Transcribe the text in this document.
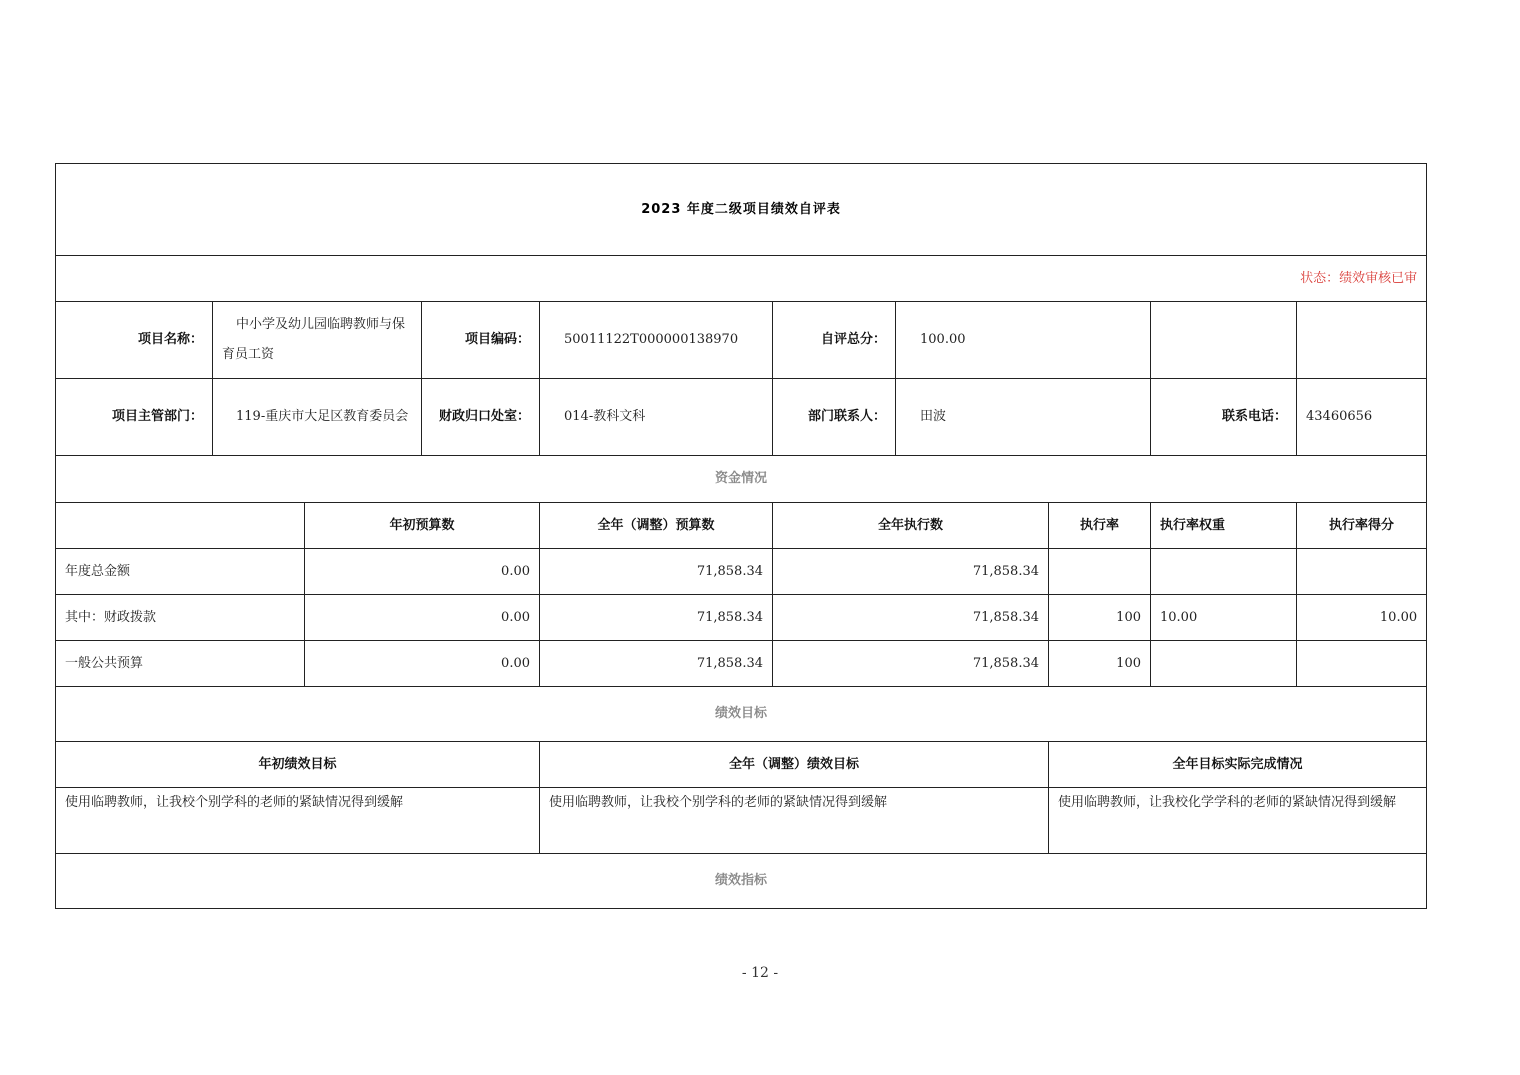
2023 年度二级项目绩效自评表									
状态：绩效审核已审									
项目名称：	中小学及幼儿园临聘教师与保育员工资		项目编码：	50011122T000000138970	自评总分：	100.00			
项目主管部门：	119-重庆市大足区教育委员会		财政归口处室：	014-教科文科	部门联系人：	田波		联系电话：	43460656
资金情况									
		年初预算数		全年（调整）预算数	全年执行数		执行率	执行率权重	执行率得分
年度总金额		0.00		71,858.34	71,858.34				
其中：财政拨款		0.00		71,858.34	71,858.34		100	10.00	10.00
一般公共预算		0.00		71,858.34	71,858.34		100		
绩效目标									
年初绩效目标				全年（调整）绩效目标			全年目标实际完成情况		
使用临聘教师，让我校个别学科的老师的紧缺情况得到缓解				使用临聘教师，让我校个别学科的老师的紧缺情况得到缓解			使用临聘教师，让我校化学学科的老师的紧缺情况得到缓解		
绩效指标									
- 12 -
